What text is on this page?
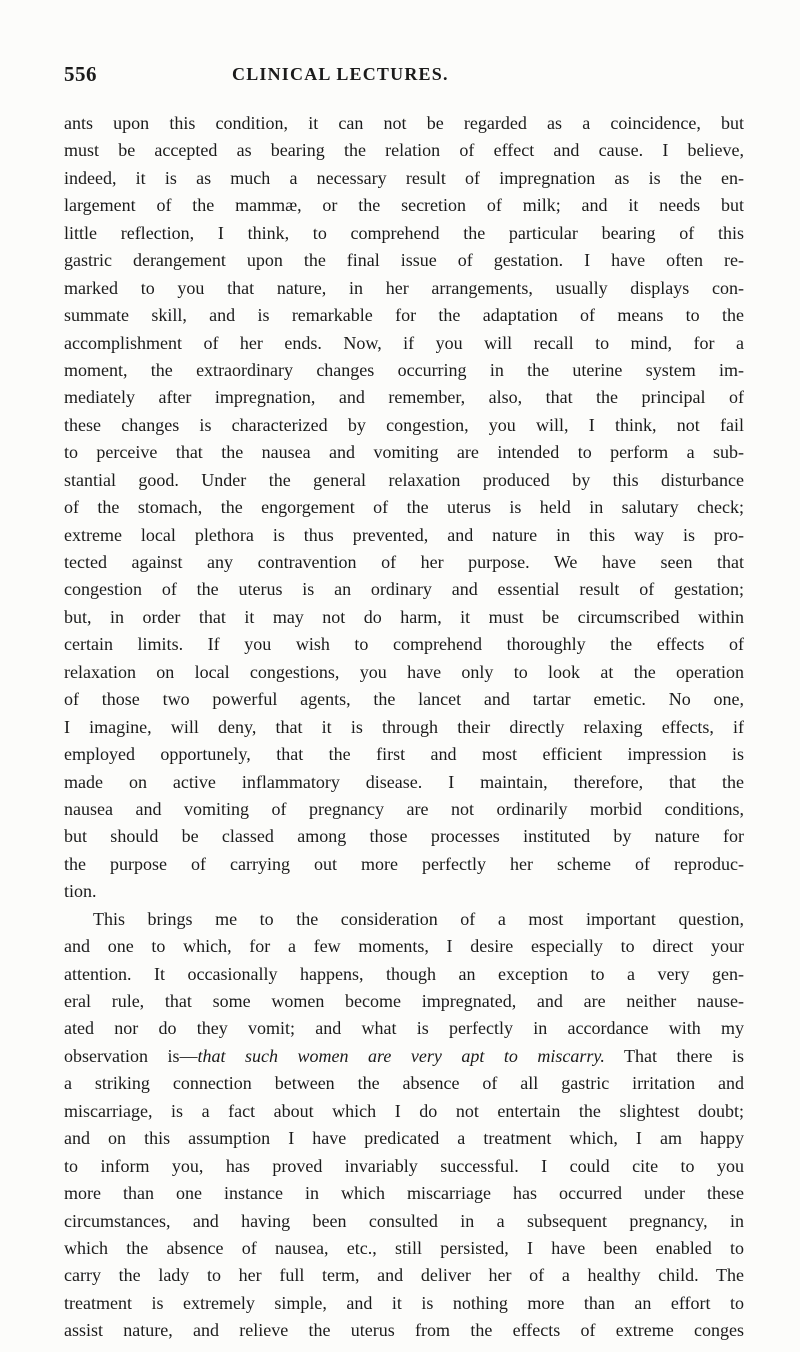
556	CLINICAL LECTURES.
ants upon this condition, it can not be regarded as a coincidence, but
must be accepted as bearing the relation of effect and cause. I believe,
indeed, it is as much a necessary result of impregnation as is the en-
largement of the mammæ, or the secretion of milk; and it needs but
little reflection, I think, to comprehend the particular bearing of this
gastric derangement upon the final issue of gestation. I have often re-
marked to you that nature, in her arrangements, usually displays con-
summate skill, and is remarkable for the adaptation of means to the
accomplishment of her ends. Now, if you will recall to mind, for a
moment, the extraordinary changes occurring in the uterine system im-
mediately after impregnation, and remember, also, that the principal of
these changes is characterized by congestion, you will, I think, not fail
to perceive that the nausea and vomiting are intended to perform a sub-
stantial good. Under the general relaxation produced by this disturbance
of the stomach, the engorgement of the uterus is held in salutary check;
extreme local plethora is thus prevented, and nature in this way is pro-
tected against any contravention of her purpose. We have seen that
congestion of the uterus is an ordinary and essential result of gestation;
but, in order that it may not do harm, it must be circumscribed within
certain limits. If you wish to comprehend thoroughly the effects of
relaxation on local congestions, you have only to look at the operation
of those two powerful agents, the lancet and tartar emetic. No one,
I imagine, will deny, that it is through their directly relaxing effects, if
employed opportunely, that the first and most efficient impression is
made on active inflammatory disease. I maintain, therefore, that the
nausea and vomiting of pregnancy are not ordinarily morbid conditions,
but should be classed among those processes instituted by nature for
the purpose of carrying out more perfectly her scheme of reproduc-
tion.
This brings me to the consideration of a most important question,
and one to which, for a few moments, I desire especially to direct your
attention. It occasionally happens, though an exception to a very gen-
eral rule, that some women become impregnated, and are neither nause-
ated nor do they vomit; and what is perfectly in accordance with my
observation is—that such women are very apt to miscarry. That there is
a striking connection between the absence of all gastric irritation and
miscarriage, is a fact about which I do not entertain the slightest doubt;
and on this assumption I have predicated a treatment which, I am happy
to inform you, has proved invariably successful. I could cite to you
more than one instance in which miscarriage has occurred under these
circumstances, and having been consulted in a subsequent pregnancy, in
which the absence of nausea, etc., still persisted, I have been enabled to
carry the lady to her full term, and deliver her of a healthy child. The
treatment is extremely simple, and it is nothing more than an effort to
assist nature, and relieve the uterus from the effects of extreme conges
